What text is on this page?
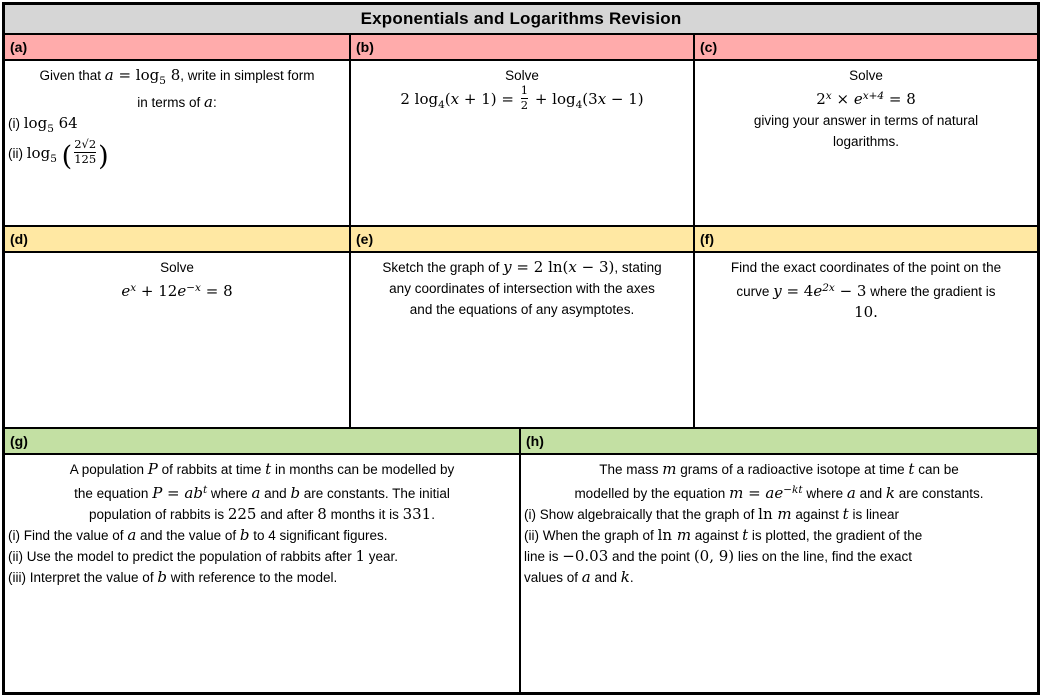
Exponentials and Logarithms Revision
(a)	(b)	(c)
Given that $a = \log_5 8$, write in simplest form
in terms of a:
(i) $\log_5 64$
(ii) $\log_5$ ( $\frac{2√2}{125}$ )
Solve
2 $\log_4(x + 1) = \frac{1}{2} + \log_4(3x - 1)$
Solve
$2^x \times e^{x+4} = 8$
giving your answer in terms of natural
logarithms.
(d)	(e)	(f)
Solve
$e^x + 12e^{-x} = 8$
Sketch the graph of y = 2 ln(x − 3), stating
any coordinates of intersection with the axes
and the equations of any asymptotes.
Find the exact coordinates of the point on the
curve $y = 4e^{2x} - 3$ where the gradient is
10.
(g)	(h)
A population P of rabbits at time t in months can be modelled by
the equation $P = ab^t$ where a and b are constants. The initial
population of rabbits is 225 and after 8 months it is 331.
(i) Find the value of a and the value of b to 4 significant figures.
(ii) Use the model to predict the population of rabbits after 1 year.
(iii) Interpret the value of b with reference to the model.
The mass m grams of a radioactive isotope at time t can be
modelled by the equation $m = ae^{-kt}$ where a and k are constants.
(i) Show algebraically that the graph of ln m against t is linear
(ii) When the graph of ln m against t is plotted, the gradient of the
line is −0.03 and the point (0, 9) lies on the line, find the exact
values of a and k.
